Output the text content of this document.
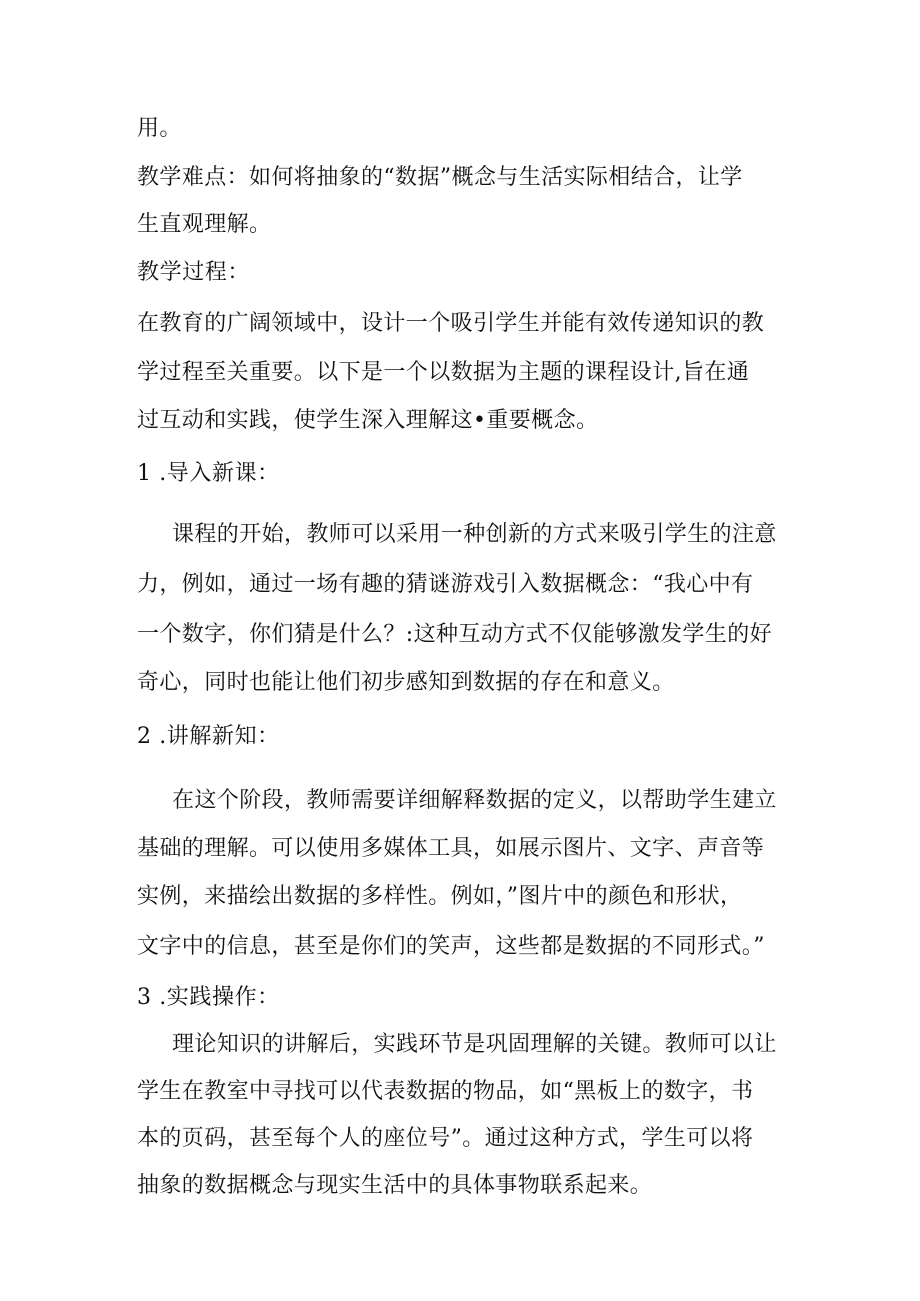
用。
教学难点：如何将抽象的“数据”概念与生活实际相结合，让学
生直观理解。
教学过程：
在教育的广阔领域中，设计一个吸引学生并能有效传递知识的教
学过程至关重要。以下是一个以数据为主题的课程设计,旨在通
过互动和实践，使学生深入理解这•重要概念。
1 .导入新课：
课程的开始，教师可以采用一种创新的方式来吸引学生的注意
力，例如，通过一场有趣的猜谜游戏引入数据概念：“我心中有
一个数字，你们猜是什么？:这种互动方式不仅能够激发学生的好
奇心，同时也能让他们初步感知到数据的存在和意义。
2 .讲解新知：
在这个阶段，教师需要详细解释数据的定义，以帮助学生建立
基础的理解。可以使用多媒体工具，如展示图片、文字、声音等
实例，来描绘出数据的多样性。例如，”图片中的颜色和形状，
文字中的信息，甚至是你们的笑声，这些都是数据的不同形式。”
3 .实践操作：
理论知识的讲解后，实践环节是巩固理解的关键。教师可以让
学生在教室中寻找可以代表数据的物品，如“黑板上的数字，书
本的页码，甚至每个人的座位号”。通过这种方式，学生可以将
抽象的数据概念与现实生活中的具体事物联系起来。
